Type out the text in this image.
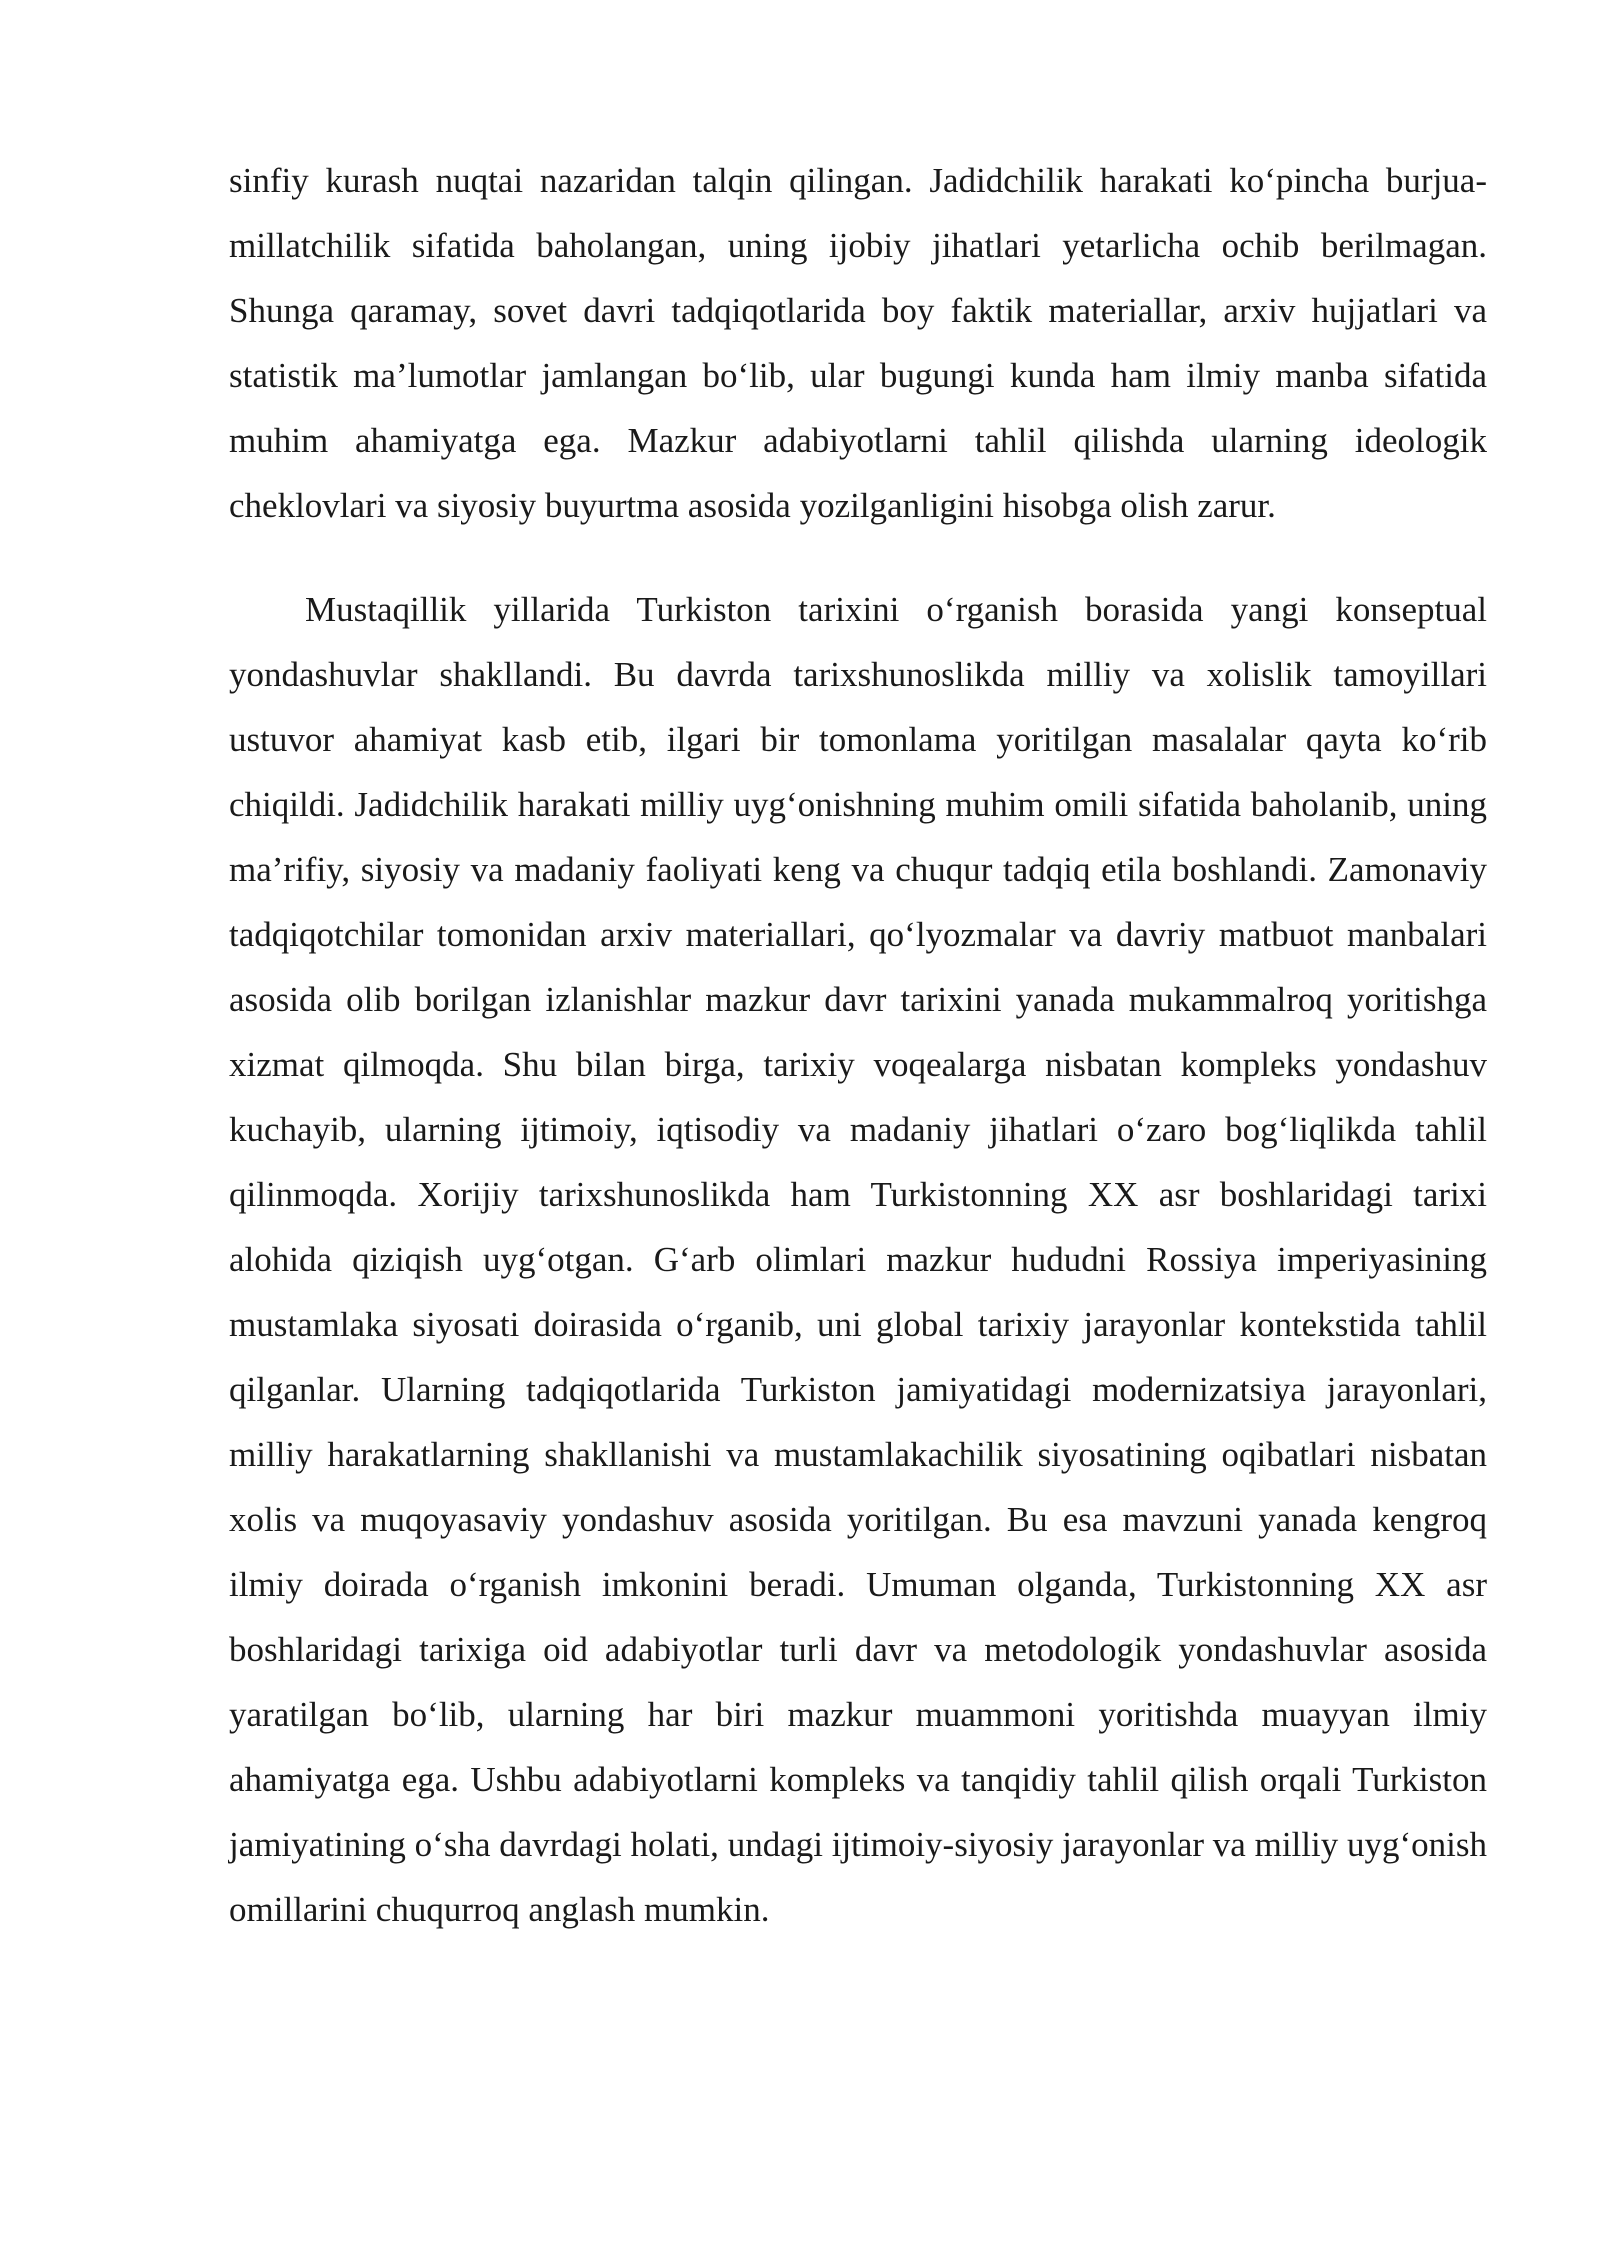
sinfiy kurash nuqtai nazaridan talqin qilingan. Jadidchilik harakati ko‘pincha burjua-millatchilik sifatida baholangan, uning ijobiy jihatlari yetarlicha ochib berilmagan. Shunga qaramay, sovet davri tadqiqotlarida boy faktik materiallar, arxiv hujjatlari va statistik ma’lumotlar jamlangan bo‘lib, ular bugungi kunda ham ilmiy manba sifatida muhim ahamiyatga ega. Mazkur adabiyotlarni tahlil qilishda ularning ideologik cheklovlari va siyosiy buyurtma asosida yozilganligini hisobga olish zarur.

Mustaqillik yillarida Turkiston tarixini o‘rganish borasida yangi konseptual yondashuvlar shakllandi. Bu davrda tarixshunoslikda milliy va xolislik tamoyillari ustuvor ahamiyat kasb etib, ilgari bir tomonlama yoritilgan masalalar qayta ko‘rib chiqildi. Jadidchilik harakati milliy uyg‘onishning muhim omili sifatida baholanib, uning ma’rifiy, siyosiy va madaniy faoliyati keng va chuqur tadqiq etila boshlandi. Zamonaviy tadqiqotchilar tomonidan arxiv materiallari, qo‘lyozmalar va davriy matbuot manbalari asosida olib borilgan izlanishlar mazkur davr tarixini yanada mukammalroq yoritishga xizmat qilmoqda. Shu bilan birga, tarixiy voqealarga nisbatan kompleks yondashuv kuchayib, ularning ijtimoiy, iqtisodiy va madaniy jihatlari o‘zaro bog‘liqlikda tahlil qilinmoqda. Xorijiy tarixshunoslikda ham Turkistonning XX asr boshlaridagi tarixi alohida qiziqish uyg‘otgan. G‘arb olimlari mazkur hududni Rossiya imperiyasining mustamlaka siyosati doirasida o‘rganib, uni global tarixiy jarayonlar kontekstida tahlil qilganlar. Ularning tadqiqotlarida Turkiston jamiyatidagi modernizatsiya jarayonlari, milliy harakatlarning shakllanishi va mustamlakachilik siyosatining oqibatlari nisbatan xolis va muqoyasaviy yondashuv asosida yoritilgan. Bu esa mavzuni yanada kengroq ilmiy doirada o‘rganish imkonini beradi. Umuman olganda, Turkistonning XX asr boshlaridagi tarixiga oid adabiyotlar turli davr va metodologik yondashuvlar asosida yaratilgan bo‘lib, ularning har biri mazkur muammoni yoritishda muayyan ilmiy ahamiyatga ega. Ushbu adabiyotlarni kompleks va tanqidiy tahlil qilish orqali Turkiston jamiyatining o‘sha davrdagi holati, undagi ijtimoiy-siyosiy jarayonlar va milliy uyg‘onish omillarini chuqurroq anglash mumkin.
